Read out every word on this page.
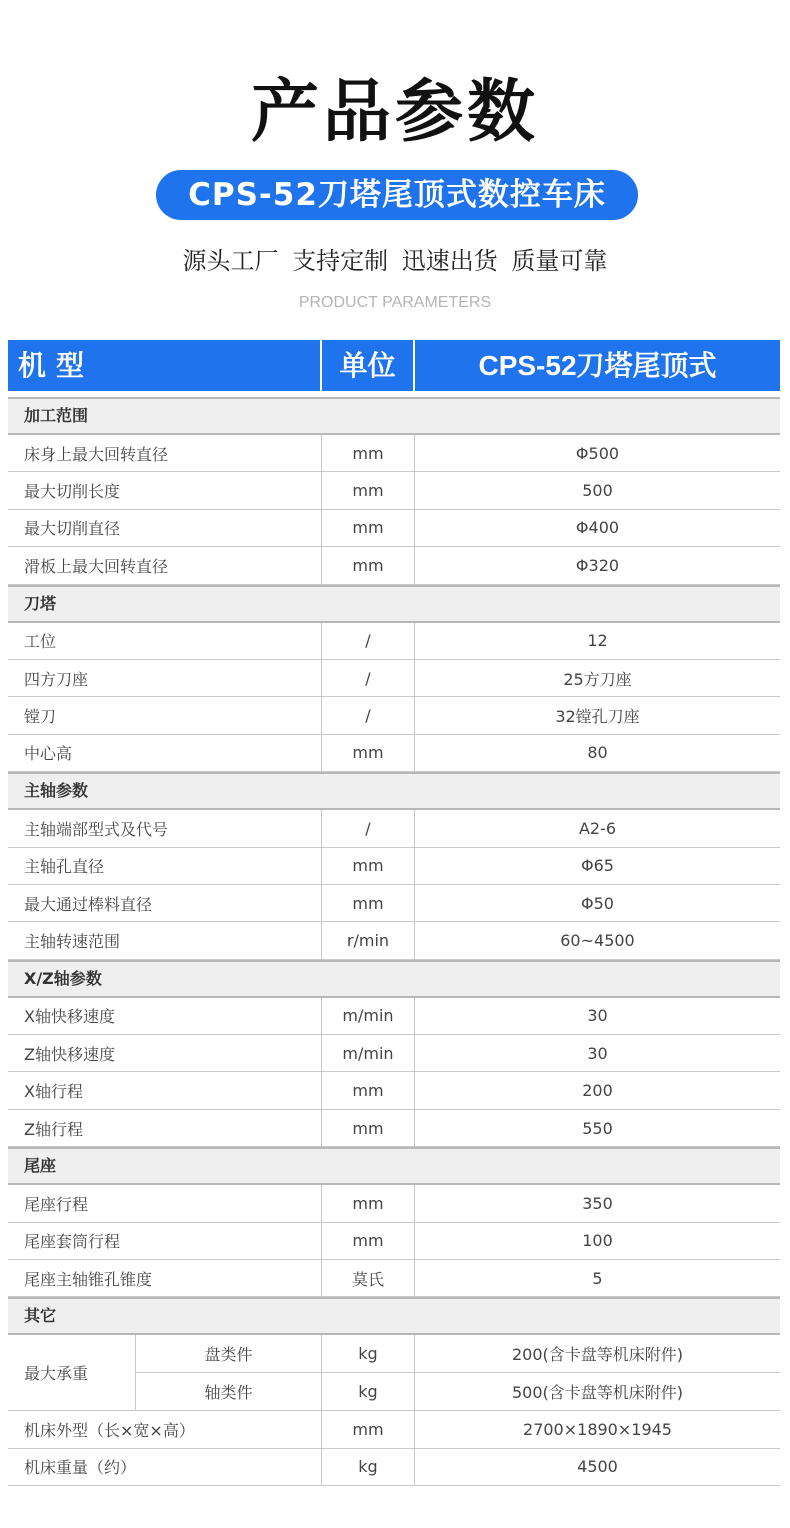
产品参数
CPS-52刀塔尾顶式数控车床
源头工厂 支持定制 迅速出货 质量可靠
PRODUCT PARAMETERS
机型	单位	CPS-52刀塔尾顶式
加工范围
床身上最大回转直径	mm	Φ500
最大切削长度	mm	500
最大切削直径	mm	Φ400
滑板上最大回转直径	mm	Φ320
刀塔
工位	/	12
四方刀座	/	25方刀座
镗刀	/	32镗孔刀座
中心高	mm	80
主轴参数
主轴端部型式及代号	/	A2-6
主轴孔直径	mm	Φ65
最大通过棒料直径	mm	Φ50
主轴转速范围	r/min	60~4500
X/Z轴参数
X轴快移速度	m/min	30
Z轴快移速度	m/min	30
X轴行程	mm	200
Z轴行程	mm	550
尾座
尾座行程	mm	350
尾座套筒行程	mm	100
尾座主轴锥孔锥度	莫氏	5
其它
最大承重
盘类件	kg	200(含卡盘等机床附件)
轴类件	kg	500(含卡盘等机床附件)
机床外型（长×宽×高）	mm	2700×1890×1945
机床重量（约）	kg	4500
